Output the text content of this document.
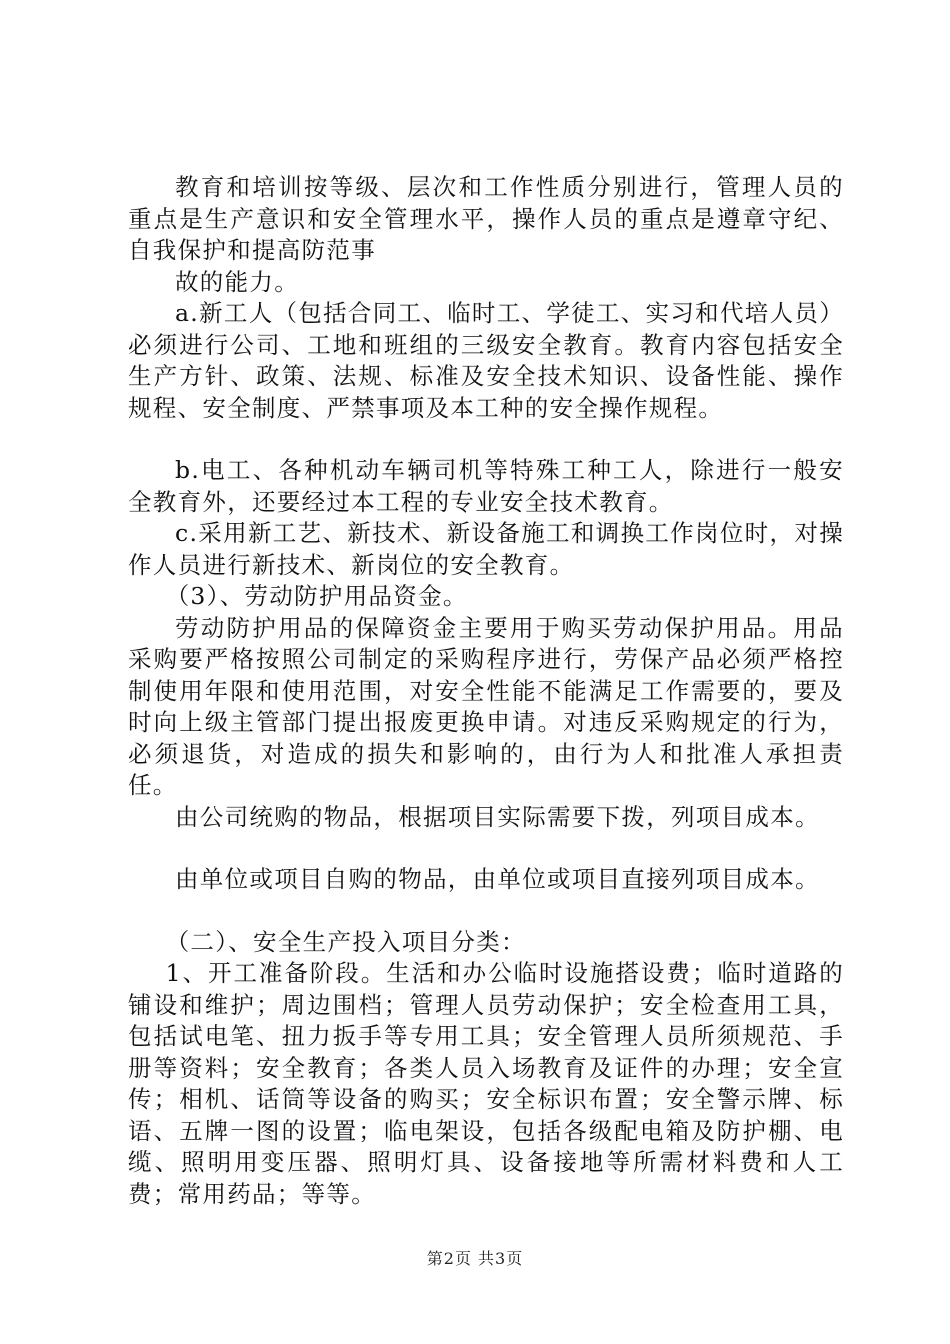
教育和培训按等级、层次和工作性质分别进行，管理人员的重点是生产意识和安全管理水平，操作人员的重点是遵章守纪、自我保护和提高防范事

故的能力。

a.新工人（包括合同工、临时工、学徒工、实习和代培人员）必须进行公司、工地和班组的三级安全教育。教育内容包括安全生产方针、政策、法规、标准及安全技术知识、设备性能、操作规程、安全制度、严禁事项及本工种的安全操作规程。

b.电工、各种机动车辆司机等特殊工种工人，除进行一般安全教育外，还要经过本工程的专业安全技术教育。

c.采用新工艺、新技术、新设备施工和调换工作岗位时，对操作人员进行新技术、新岗位的安全教育。

（3）、劳动防护用品资金。

劳动防护用品的保障资金主要用于购买劳动保护用品。用品采购要严格按照公司制定的采购程序进行，劳保产品必须严格控制使用年限和使用范围，对安全性能不能满足工作需要的，要及时向上级主管部门提出报废更换申请。对违反采购规定的行为，必须退货，对造成的损失和影响的，由行为人和批准人承担责任。

由公司统购的物品，根据项目实际需要下拨，列项目成本。

由单位或项目自购的物品，由单位或项目直接列项目成本。

（二）、安全生产投入项目分类：

1、开工准备阶段。生活和办公临时设施搭设费；临时道路的铺设和维护；周边围档；管理人员劳动保护；安全检查用工具，包括试电笔、扭力扳手等专用工具；安全管理人员所须规范、手册等资料；安全教育；各类人员入场教育及证件的办理；安全宣传；相机、话筒等设备的购买；安全标识布置；安全警示牌、标语、五牌一图的设置；临电架设，包括各级配电箱及防护棚、电缆、照明用变压器、照明灯具、设备接地等所需材料费和人工费；常用药品；等等。

第2页 共3页
